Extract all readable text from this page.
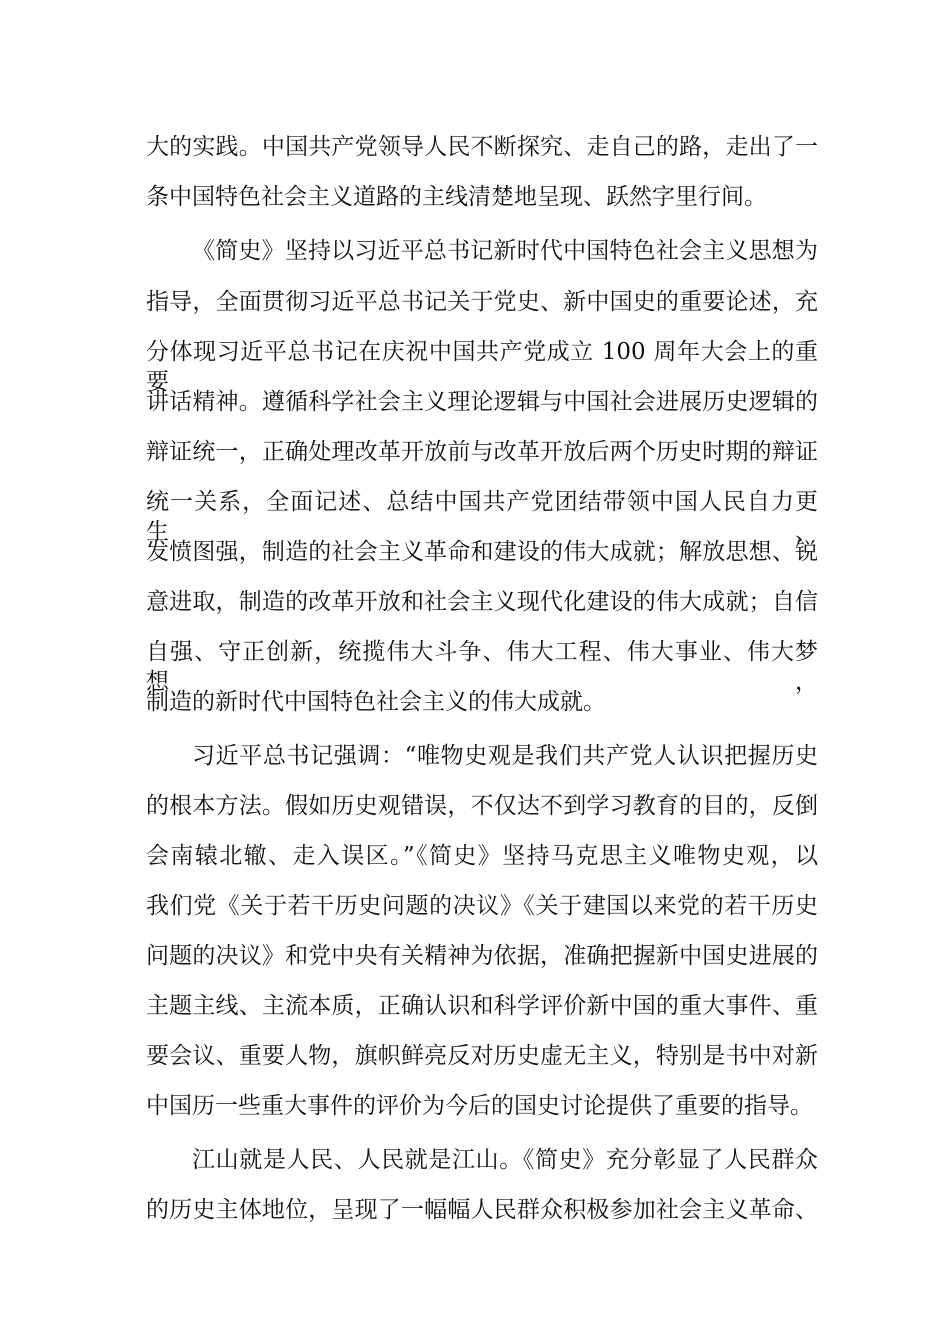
大的实践。中国共产党领导人民不断探究、走自己的路，走出了一
条中国特色社会主义道路的主线清楚地呈现、跃然字里行间。
《简史》坚持以习近平总书记新时代中国特色社会主义思想为
指导，全面贯彻习近平总书记关于党史、新中国史的重要论述，充
分体现习近平总书记在庆祝中国共产党成立 100 周年大会上的重要
讲话精神。遵循科学社会主义理论逻辑与中国社会进展历史逻辑的
辩证统一，正确处理改革开放前与改革开放后两个历史时期的辩证
统一关系，全面记述、总结中国共产党团结带领中国人民自力更生、
发愤图强，制造的社会主义革命和建设的伟大成就；解放思想、锐
意进取，制造的改革开放和社会主义现代化建设的伟大成就；自信
自强、守正创新，统揽伟大斗争、伟大工程、伟大事业、伟大梦想，
制造的新时代中国特色社会主义的伟大成就。
习近平总书记强调：“唯物史观是我们共产党人认识把握历史
的根本方法。假如历史观错误，不仅达不到学习教育的目的，反倒
会南辕北辙、走入误区。”《简史》坚持马克思主义唯物史观，以
我们党《关于若干历史问题的决议》《关于建国以来党的若干历史
问题的决议》和党中央有关精神为依据，准确把握新中国史进展的
主题主线、主流本质，正确认识和科学评价新中国的重大事件、重
要会议、重要人物，旗帜鲜亮反对历史虚无主义，特别是书中对新
中国历一些重大事件的评价为今后的国史讨论提供了重要的指导。
江山就是人民、人民就是江山。《简史》充分彰显了人民群众
的历史主体地位，呈现了一幅幅人民群众积极参加社会主义革命、
